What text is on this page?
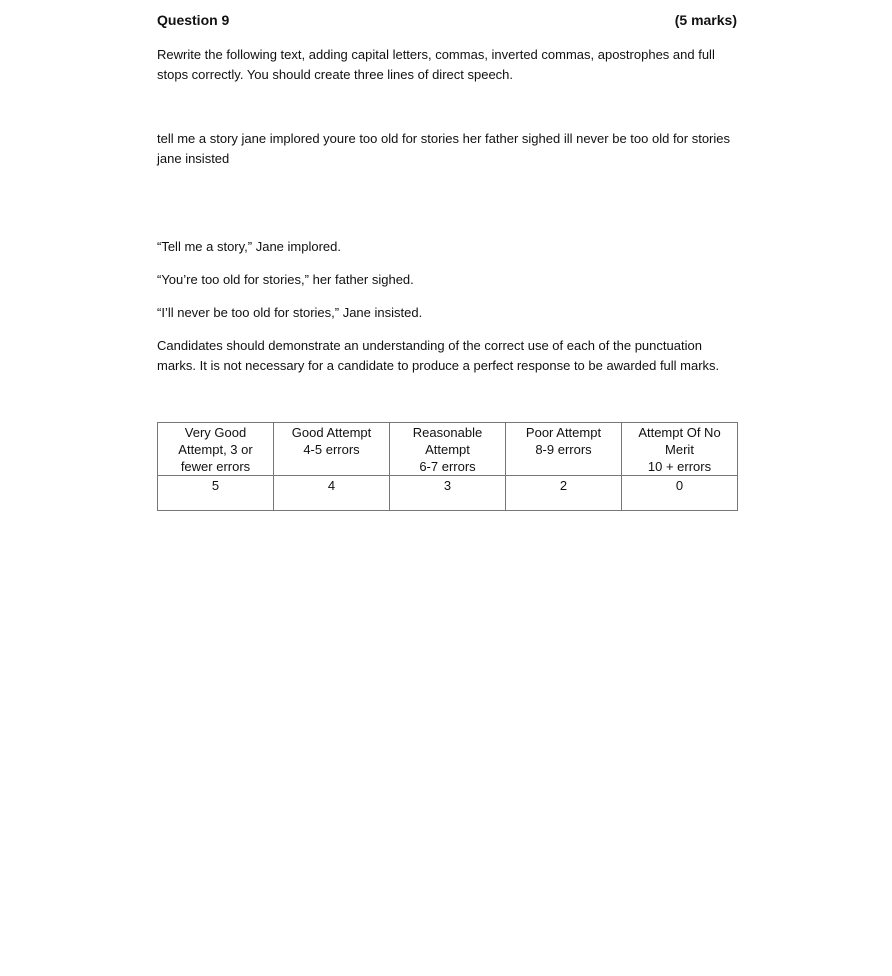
Question 9	(5 marks)

Rewrite the following text, adding capital letters, commas, inverted commas, apostrophes and full stops correctly. You should create three lines of direct speech.

tell me a story jane implored youre too old for stories her father sighed ill never be too old for stories jane insisted

“Tell me a story,” Jane implored.

“You’re too old for stories,” her father sighed.

“I’ll never be too old for stories,” Jane insisted.

Candidates should demonstrate an understanding of the correct use of each of the punctuation marks. It is not necessary for a candidate to produce a perfect response to be awarded full marks.

Very Good
Attempt, 3 or
fewer errors	Good Attempt
4-5 errors	Reasonable
Attempt
6-7 errors	Poor Attempt
8-9 errors	Attempt Of No
Merit
10 + errors

5	4	3	2	0
